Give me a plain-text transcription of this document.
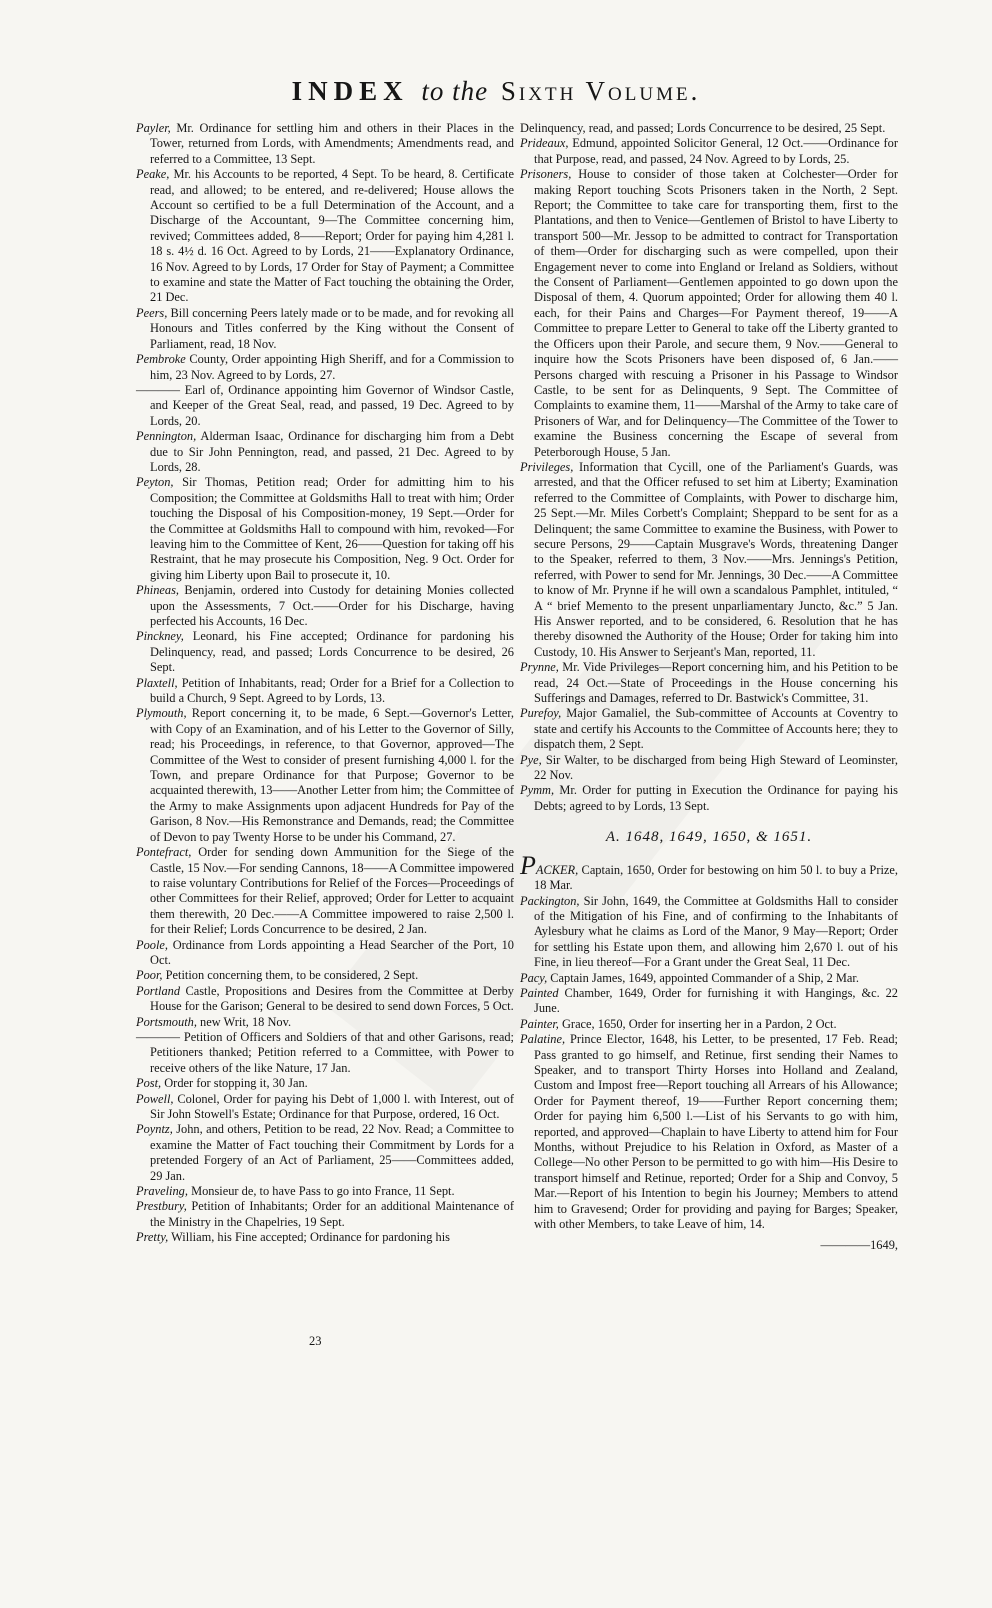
INDEX to the Sixth Volume.

Payler, Mr. Ordinance for settling him and others in their Places in the Tower, returned from Lords, with Amendments; Amendments read, and referred to a Committee, 13 Sept.

Peake, Mr. his Accounts to be reported, 4 Sept. To be heard, 8. Certificate read, and allowed; to be entered, and re-delivered; House allows the Account so certified to be a full Determination of the Account, and a Discharge of the Accountant, 9—The Committee concerning him, revived; Committees added, 8——Report; Order for paying him 4,281 l. 18 s. 4½ d. 16 Oct. Agreed to by Lords, 21——Explanatory Ordinance, 16 Nov. Agreed to by Lords, 17 Order for Stay of Payment; a Committee to examine and state the Matter of Fact touching the obtaining the Order, 21 Dec.

Peers, Bill concerning Peers lately made or to be made, and for revoking all Honours and Titles conferred by the King without the Consent of Parliament, read, 18 Nov.

Pembroke County, Order appointing High Sheriff, and for a Commission to him, 23 Nov. Agreed to by Lords, 27.

———— Earl of, Ordinance appointing him Governor of Windsor Castle, and Keeper of the Great Seal, read, and passed, 19 Dec. Agreed to by Lords, 20.

Pennington, Alderman Isaac, Ordinance for discharging him from a Debt due to Sir John Pennington, read, and passed, 21 Dec. Agreed to by Lords, 28.

Peyton, Sir Thomas, Petition read; Order for admitting him to his Composition; the Committee at Goldsmiths Hall to treat with him; Order touching the Disposal of his Composition-money, 19 Sept.—Order for the Committee at Goldsmiths Hall to compound with him, revoked—For leaving him to the Committee of Kent, 26——Question for taking off his Restraint, that he may prosecute his Composition, Neg. 9 Oct. Order for giving him Liberty upon Bail to prosecute it, 10.

Phineas, Benjamin, ordered into Custody for detaining Monies collected upon the Assessments, 7 Oct.——Order for his Discharge, having perfected his Accounts, 16 Dec.

Pinckney, Leonard, his Fine accepted; Ordinance for pardoning his Delinquency, read, and passed; Lords Concurrence to be desired, 26 Sept.

Plaxtell, Petition of Inhabitants, read; Order for a Brief for a Collection to build a Church, 9 Sept. Agreed to by Lords, 13.

Plymouth, Report concerning it, to be made, 6 Sept.—Governor's Letter, with Copy of an Examination, and of his Letter to the Governor of Silly, read; his Proceedings, in reference, to that Governor, approved—The Committee of the West to consider of present furnishing 4,000 l. for the Town, and prepare Ordinance for that Purpose; Governor to be acquainted therewith, 13——Another Letter from him; the Committee of the Army to make Assignments upon adjacent Hundreds for Pay of the Garison, 8 Nov.—His Remonstrance and Demands, read; the Committee of Devon to pay Twenty Horse to be under his Command, 27.

Pontefract, Order for sending down Ammunition for the Siege of the Castle, 15 Nov.—For sending Cannons, 18——A Committee impowered to raise voluntary Contributions for Relief of the Forces—Proceedings of other Committees for their Relief, approved; Order for Letter to acquaint them therewith, 20 Dec.——A Committee impowered to raise 2,500 l. for their Relief; Lords Concurrence to be desired, 2 Jan.

Poole, Ordinance from Lords appointing a Head Searcher of the Port, 10 Oct.

Poor, Petition concerning them, to be considered, 2 Sept.

Portland Castle, Propositions and Desires from the Committee at Derby House for the Garison; General to be desired to send down Forces, 5 Oct.

Portsmouth, new Writ, 18 Nov.

———— Petition of Officers and Soldiers of that and other Garisons, read; Petitioners thanked; Petition referred to a Committee, with Power to receive others of the like Nature, 17 Jan.

Post, Order for stopping it, 30 Jan.

Powell, Colonel, Order for paying his Debt of 1,000 l. with Interest, out of Sir John Stowell's Estate; Ordinance for that Purpose, ordered, 16 Oct.

Poyntz, John, and others, Petition to be read, 22 Nov. Read; a Committee to examine the Matter of Fact touching their Commitment by Lords for a pretended Forgery of an Act of Parliament, 25——Committees added, 29 Jan.

Praveling, Monsieur de, to have Pass to go into France, 11 Sept.

Prestbury, Petition of Inhabitants; Order for an additional Maintenance of the Ministry in the Chapelries, 19 Sept.

Pretty, William, his Fine accepted; Ordinance for pardoning his

23

Delinquency, read, and passed; Lords Concurrence to be desired, 25 Sept.

Prideaux, Edmund, appointed Solicitor General, 12 Oct.——Ordinance for that Purpose, read, and passed, 24 Nov. Agreed to by Lords, 25.

Prisoners, House to consider of those taken at Colchester—Order for making Report touching Scots Prisoners taken in the North, 2 Sept. Report; the Committee to take care for transporting them, first to the Plantations, and then to Venice—Gentlemen of Bristol to have Liberty to transport 500—Mr. Jessop to be admitted to contract for Transportation of them—Order for discharging such as were compelled, upon their Engagement never to come into England or Ireland as Soldiers, without the Consent of Parliament—Gentlemen appointed to go down upon the Disposal of them, 4. Quorum appointed; Order for allowing them 40 l. each, for their Pains and Charges—For Payment thereof, 19——A Committee to prepare Letter to General to take off the Liberty granted to the Officers upon their Parole, and secure them, 9 Nov.——General to inquire how the Scots Prisoners have been disposed of, 6 Jan.——Persons charged with rescuing a Prisoner in his Passage to Windsor Castle, to be sent for as Delinquents, 9 Sept. The Committee of Complaints to examine them, 11——Marshal of the Army to take care of Prisoners of War, and for Delinquency—The Committee of the Tower to examine the Business concerning the Escape of several from Peterborough House, 5 Jan.

Privileges, Information that Cycill, one of the Parliament's Guards, was arrested, and that the Officer refused to set him at Liberty; Examination referred to the Committee of Complaints, with Power to discharge him, 25 Sept.—Mr. Miles Corbett's Complaint; Sheppard to be sent for as a Delinquent; the same Committee to examine the Business, with Power to secure Persons, 29——Captain Musgrave's Words, threatening Danger to the Speaker, referred to them, 3 Nov.——Mrs. Jennings's Petition, referred, with Power to send for Mr. Jennings, 30 Dec.——A Committee to know of Mr. Prynne if he will own a scandalous Pamphlet, intituled, “ A “ brief Memento to the present unparliamentary Juncto, &c.” 5 Jan. His Answer reported, and to be considered, 6. Resolution that he has thereby disowned the Authority of the House; Order for taking him into Custody, 10. His Answer to Serjeant's Man, reported, 11.

Prynne, Mr. Vide Privileges—Report concerning him, and his Petition to be read, 24 Oct.—State of Proceedings in the House concerning his Sufferings and Damages, referred to Dr. Bastwick's Committee, 31.

Purefoy, Major Gamaliel, the Sub-committee of Accounts at Coventry to state and certify his Accounts to the Committee of Accounts here; they to dispatch them, 2 Sept.

Pye, Sir Walter, to be discharged from being High Steward of Leominster, 22 Nov.

Pymm, Mr. Order for putting in Execution the Ordinance for paying his Debts; agreed to by Lords, 13 Sept.

A. 1648, 1649, 1650, & 1651.

PACKER, Captain, 1650, Order for bestowing on him 50 l. to buy a Prize, 18 Mar.

Packington, Sir John, 1649, the Committee at Goldsmiths Hall to consider of the Mitigation of his Fine, and of confirming to the Inhabitants of Aylesbury what he claims as Lord of the Manor, 9 May—Report; Order for settling his Estate upon them, and allowing him 2,670 l. out of his Fine, in lieu thereof—For a Grant under the Great Seal, 11 Dec.

Pacy, Captain James, 1649, appointed Commander of a Ship, 2 Mar.

Painted Chamber, 1649, Order for furnishing it with Hangings, &c. 22 June.

Painter, Grace, 1650, Order for inserting her in a Pardon, 2 Oct.

Palatine, Prince Elector, 1648, his Letter, to be presented, 17 Feb. Read; Pass granted to go himself, and Retinue, first sending their Names to Speaker, and to transport Thirty Horses into Holland and Zealand, Custom and Impost free—Report touching all Arrears of his Allowance; Order for Payment thereof, 19——Further Report concerning them; Order for paying him 6,500 l.—List of his Servants to go with him, reported, and approved—Chaplain to have Liberty to attend him for Four Months, without Prejudice to his Relation in Oxford, as Master of a College—No other Person to be permitted to go with him—His Desire to transport himself and Retinue, reported; Order for a Ship and Convoy, 5 Mar.—Report of his Intention to begin his Journey; Members to attend him to Gravesend; Order for providing and paying for Barges; Speaker, with other Members, to take Leave of him, 14.

————1649,
